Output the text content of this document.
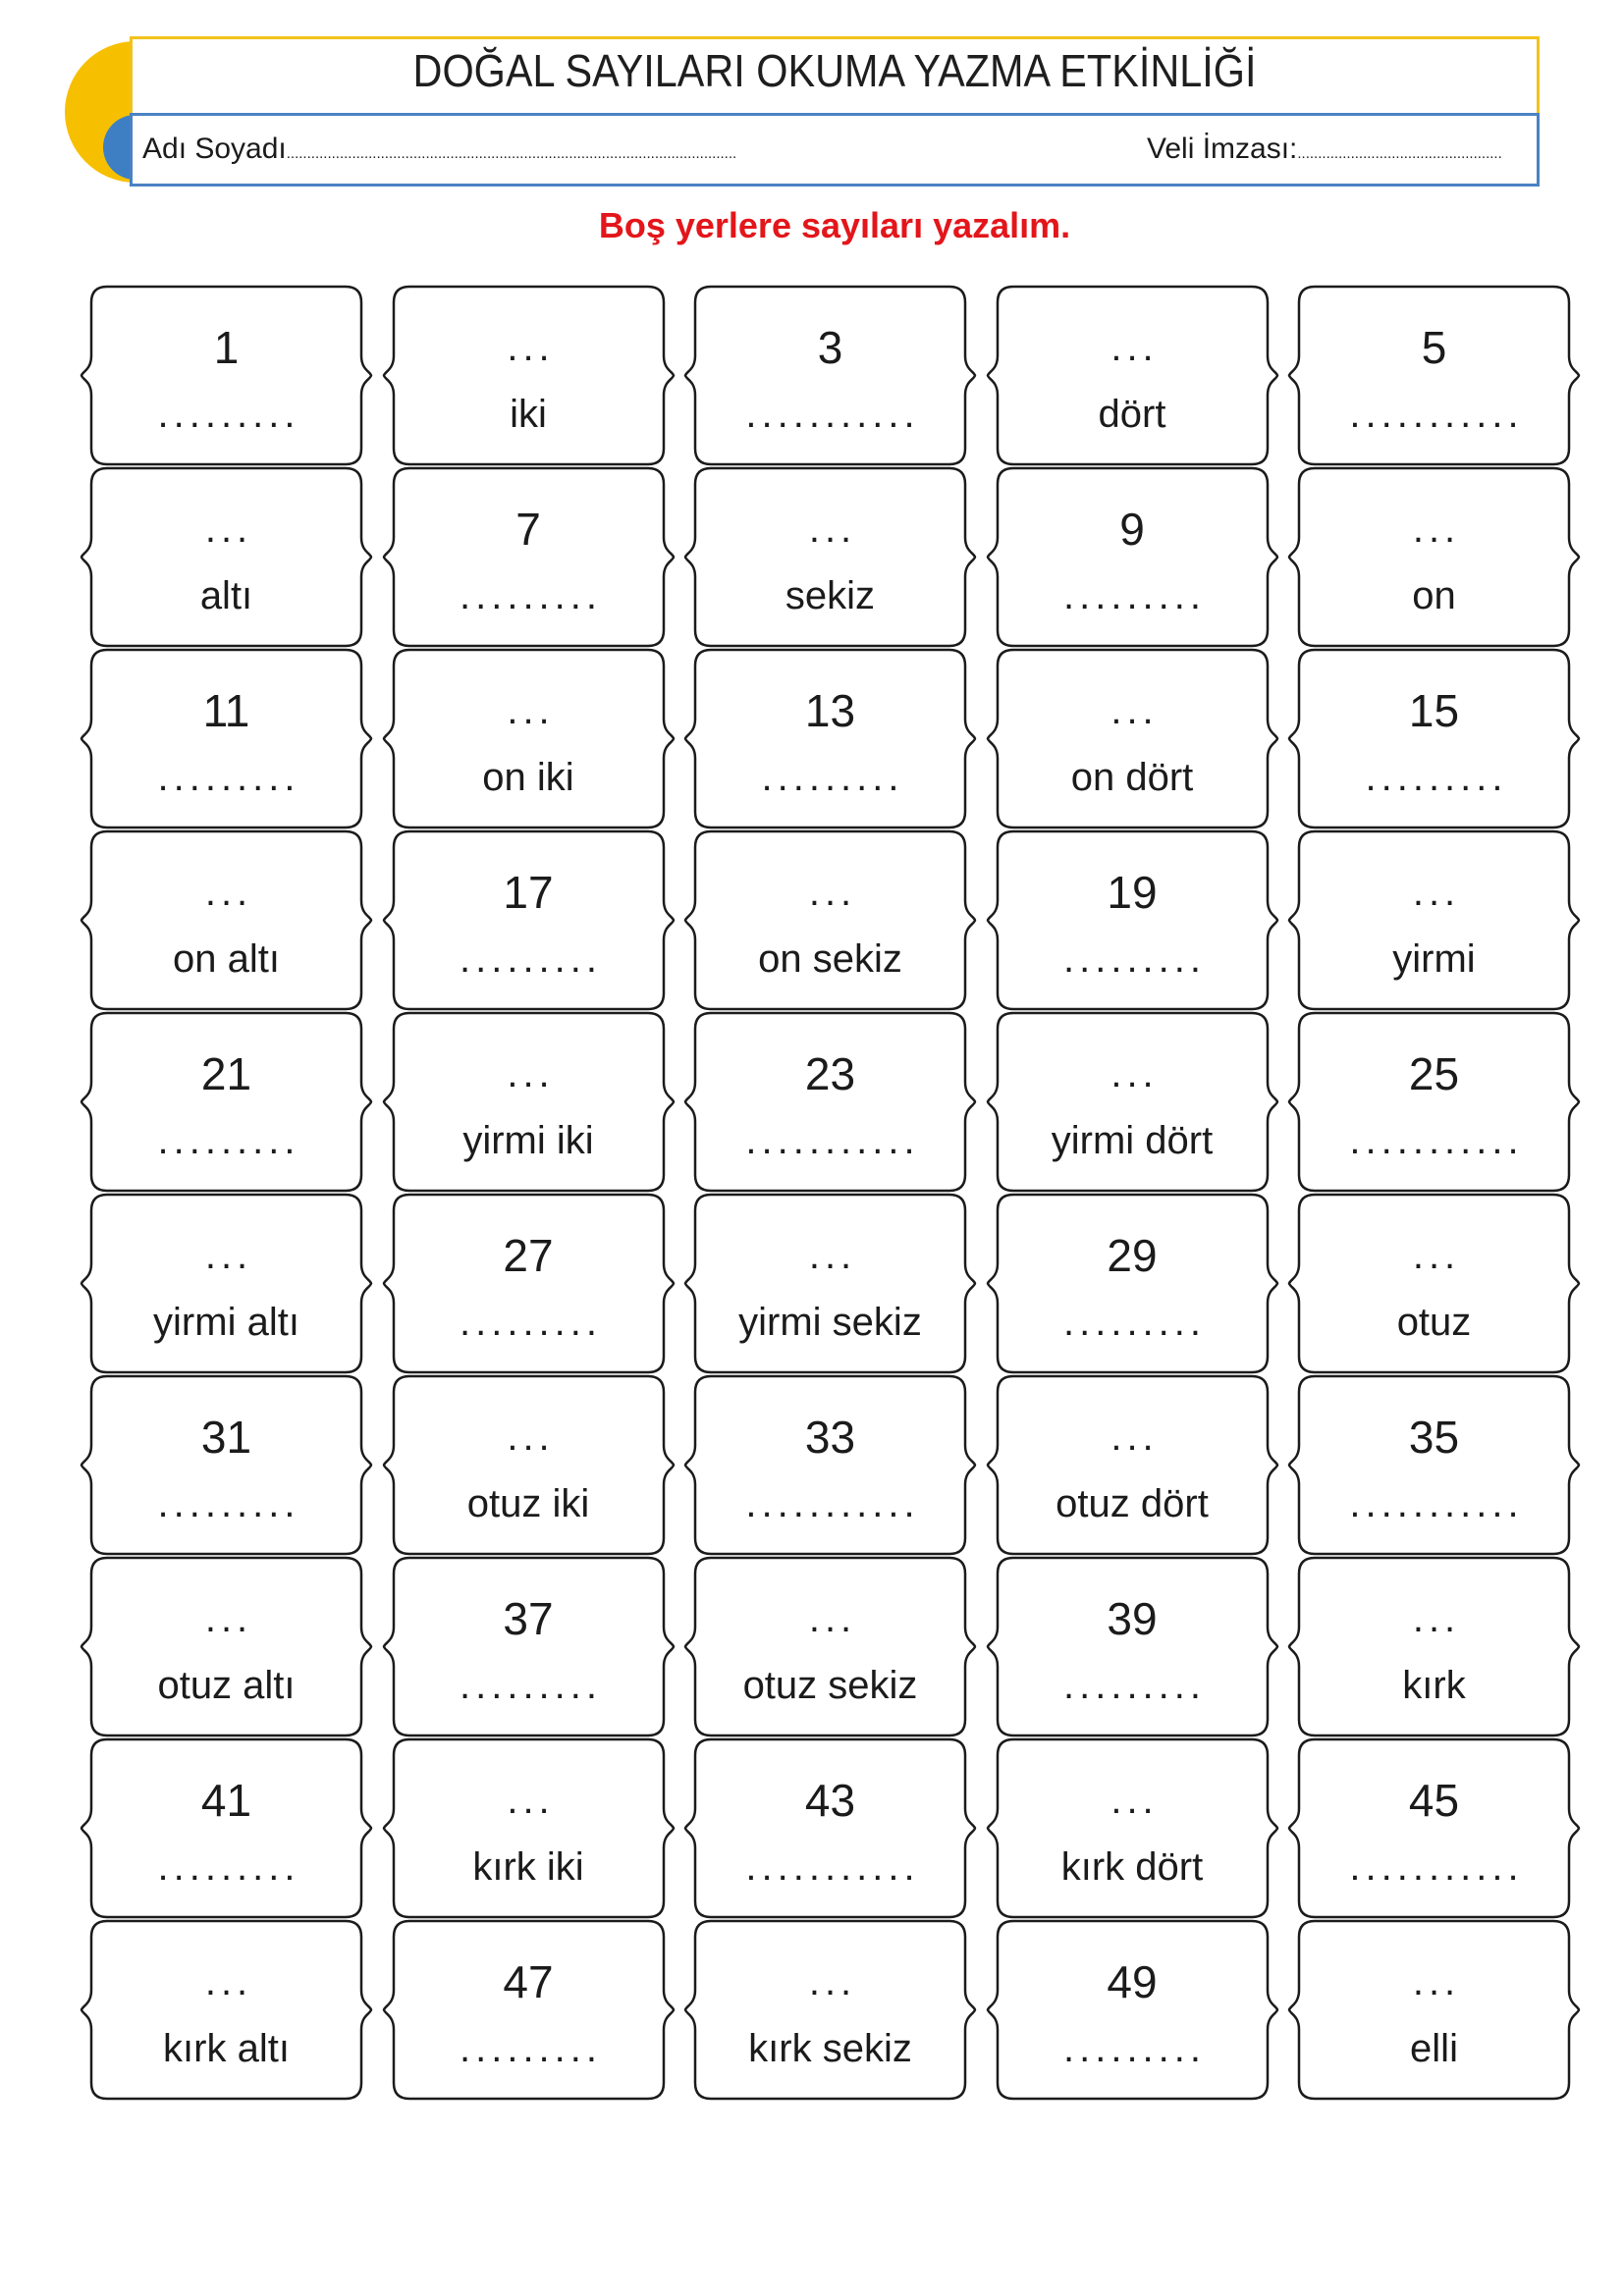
DOĞAL SAYILARI OKUMA YAZMA ETKİNLİĞİ
Adı Soyadı..............................................................................................................	Veli İmzası:..................................................
Boş yerlere sayıları yazalım.
1
.........
...
iki
3
...........
...
dört
5
...........
...
altı
7
.........
...
sekiz
9
.........
...
on
11
.........
...
on iki
13
.........
...
on dört
15
.........
...
on altı
17
.........
...
on sekiz
19
.........
...
yirmi
21
.........
...
yirmi iki
23
...........
...
yirmi dört
25
...........
...
yirmi altı
27
.........
...
yirmi sekiz
29
.........
...
otuz
31
.........
...
otuz iki
33
...........
...
otuz dört
35
...........
...
otuz altı
37
.........
...
otuz sekiz
39
.........
...
kırk
41
.........
...
kırk iki
43
...........
...
kırk dört
45
...........
...
kırk altı
47
.........
...
kırk sekiz
49
.........
...
elli
